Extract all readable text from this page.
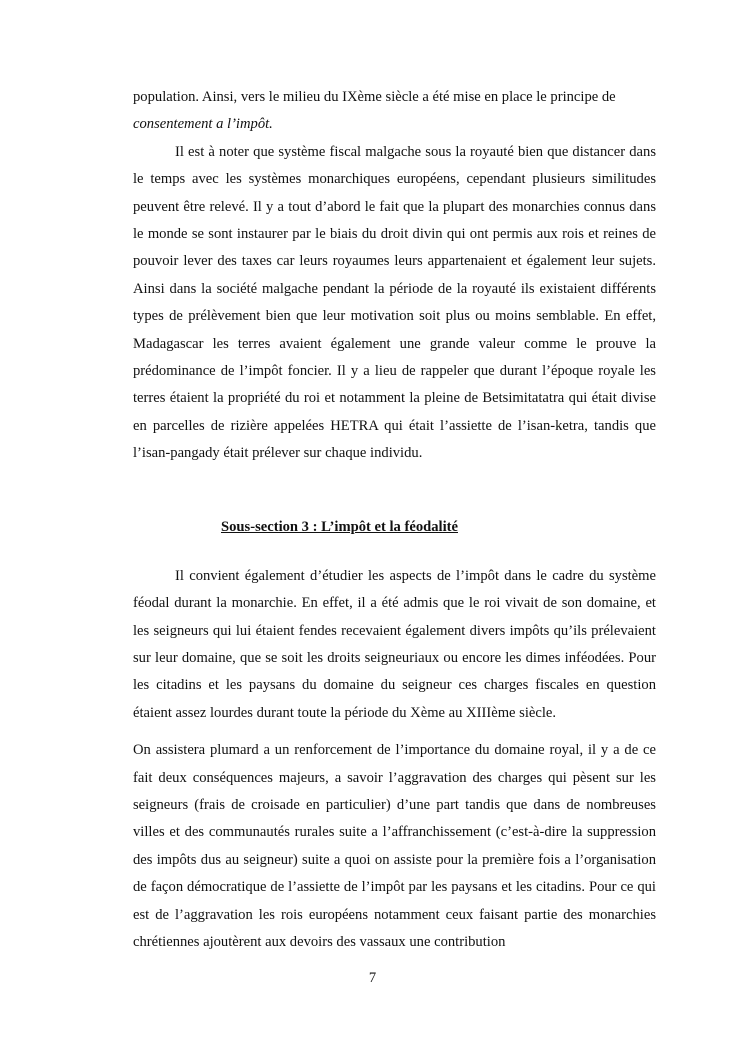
population. Ainsi, vers le milieu du IXème siècle a été mise en place le principe de
consentement a l’impôt.

Il est à noter que système fiscal malgache sous la royauté bien que distancer dans le temps avec les systèmes monarchiques européens, cependant plusieurs similitudes peuvent être relevé. Il y a tout d’abord le fait que la plupart des monarchies connus dans le monde se sont instaurer par le biais du droit divin qui ont permis aux rois et reines de pouvoir lever des taxes car leurs royaumes leurs appartenaient et également leur sujets. Ainsi dans la société malgache pendant la période de la royauté ils existaient différents types de prélèvement bien que leur motivation soit plus ou moins semblable. En effet, Madagascar les terres avaient également une grande valeur comme le prouve la prédominance de l’impôt foncier. Il y a lieu de rappeler que durant l’époque royale les terres étaient la propriété du roi et notamment la pleine de Betsimitatatra qui était divise en parcelles de rizière appelées HETRA qui était l’assiette de l’isan-ketra, tandis que l’isan-pangady était prélever sur chaque individu.

Sous-section 3 : L’impôt et la féodalité

Il convient également d’étudier les aspects de l’impôt dans le cadre du système féodal durant la monarchie. En effet, il a été admis que le roi vivait de son domaine, et les seigneurs qui lui étaient fendes recevaient également divers impôts qu’ils prélevaient sur leur domaine, que se soit les droits seigneuriaux ou encore les dimes inféodées. Pour les citadins et les paysans du domaine du seigneur ces charges fiscales en question étaient assez lourdes durant toute la période du Xème au XIIIème siècle.

On assistera plumard a un renforcement de l’importance du domaine royal, il y a de ce fait deux conséquences majeurs, a savoir l’aggravation des charges qui pèsent sur les seigneurs (frais de croisade en particulier) d’une part tandis que dans de nombreuses villes et des communautés rurales suite a l’affranchissement (c’est-à-dire la suppression des impôts dus au seigneur) suite a quoi on assiste pour la première fois a l’organisation de façon démocratique de l’assiette de l’impôt par les paysans et les citadins. Pour ce qui est de l’aggravation les rois européens notamment ceux faisant partie des monarchies chrétiennes ajoutèrent aux devoirs des vassaux une contribution

7
